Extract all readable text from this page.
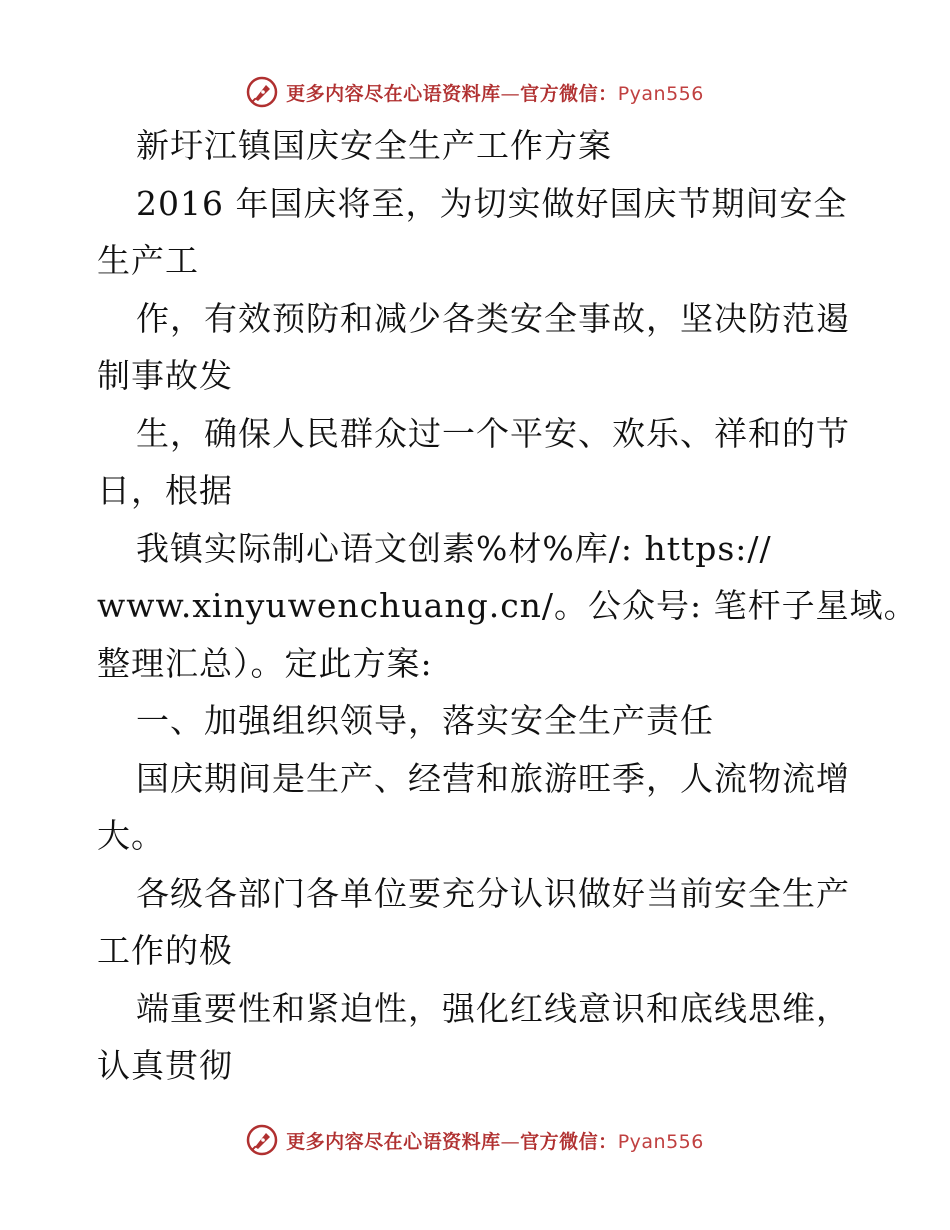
更多内容尽在心语资料库—官方微信：Pyan556
新圩江镇国庆安全生产工作方案
2016 年国庆将至，为切实做好国庆节期间安全
生产工
作，有效预防和减少各类安全事故，坚决防范遏
制事故发
生，确保人民群众过一个平安、欢乐、祥和的节
日，根据
我镇实际制心语文创素%材%库/: https://
www.xinyuwenchuang.cn/。公众号: 笔杆子星域。
整理汇总）。定此方案:
一、加强组织领导，落实安全生产责任
国庆期间是生产、经营和旅游旺季，人流物流增
大。
各级各部门各单位要充分认识做好当前安全生产
工作的极
端重要性和紧迫性，强化红线意识和底线思维，
认真贯彻
更多内容尽在心语资料库—官方微信：Pyan556
